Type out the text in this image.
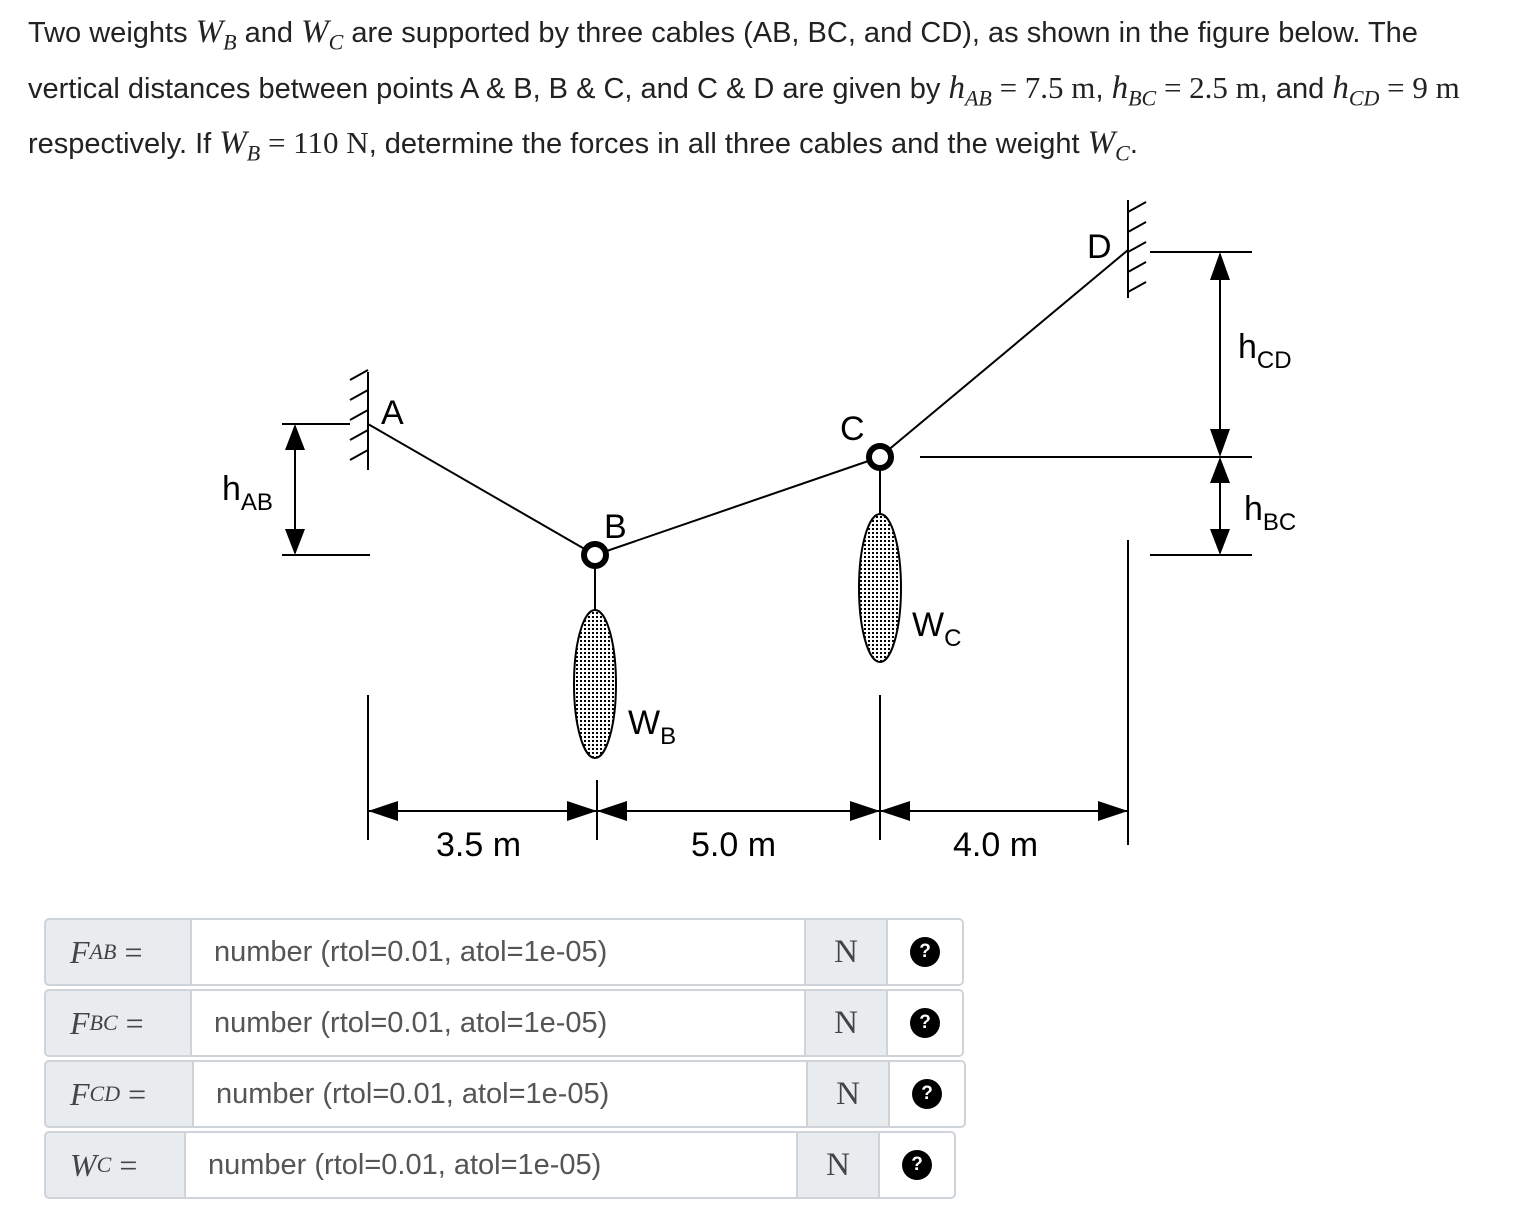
Two weights $W_B$ and $W_C$ are supported by three cables (AB, BC, and CD), as shown in the figure below. The vertical distances between points A & B, B & C, and C & D are given by $h_{AB} = 7.5$ m, $h_{BC} = 2.5$ m, and $h_{CD} = 9$ m respectively. If $W_B = 110$ N, determine the forces in all three cables and the weight $W_C$.
A
B
C
D
$h_{AB}$
$h_{CD}$
$h_{BC}$
$W_B$
$W_C$
3.5 m	5.0 m	4.0 m
F AB =
number (rtol=0.01, atol=1e-05)	N	?
F BC =
number (rtol=0.01, atol=1e-05)	N	?
F CD =
number (rtol=0.01, atol=1e-05)	N	?
W C =
number (rtol=0.01, atol=1e-05)	N	?
